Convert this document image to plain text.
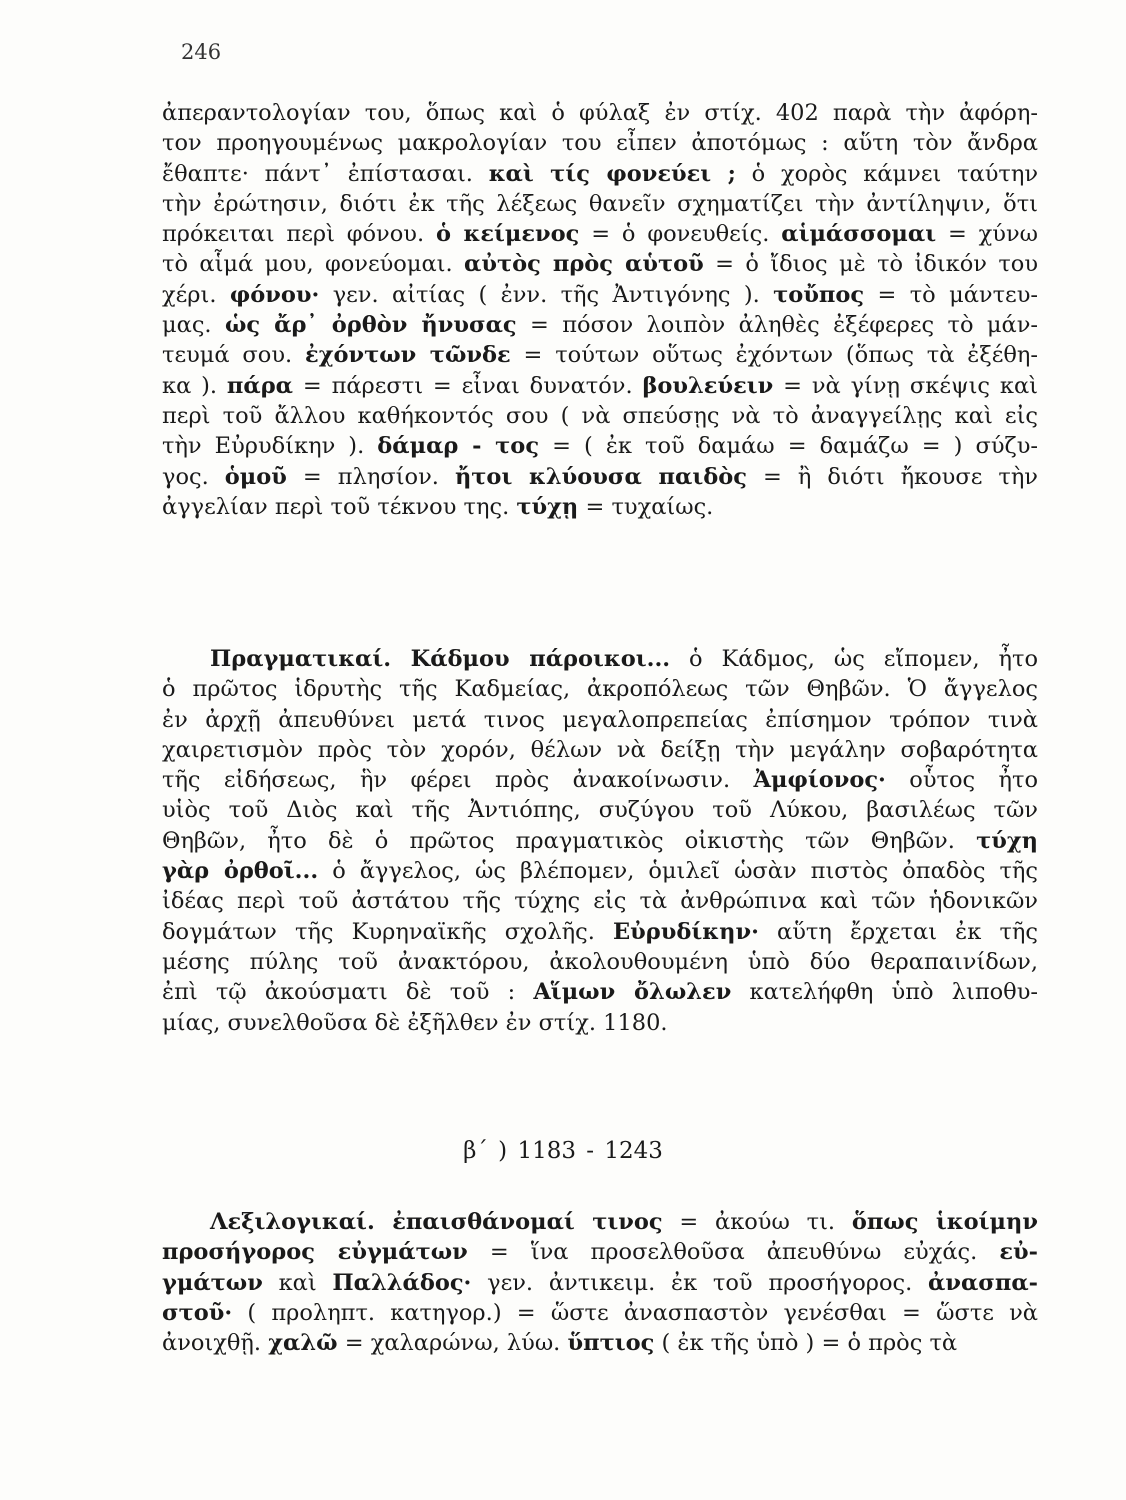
246
ἀπεραντολογίαν του, ὅπως καὶ ὁ φύλαξ ἐν στίχ. 402 παρὰ τὴν ἀφόρη-
τον προηγουμένως μακρολογίαν του εἶπεν ἀποτόμως : αὕτη τὸν ἄνδρα
ἔθαπτε· πάντ᾽ ἐπίστασαι. καὶ τίς φονεύει ; ὁ χορὸς κάμνει ταύτην
τὴν ἐρώτησιν, διότι ἐκ τῆς λέξεως θανεῖν σχηματίζει τὴν ἀντίληψιν, ὅτι
πρόκειται περὶ φόνου. ὁ κείμενος = ὁ φονευθείς. αἱμάσσομαι = χύνω
τὸ αἷμά μου, φονεύομαι. αὐτὸς πρὸς αὑτοῦ = ὁ ἴδιος μὲ τὸ ἰδικόν του
χέρι. φόνου· γεν. αἰτίας ( ἐνν. τῆς Ἀντιγόνης ). τοὔπος = τὸ μάντευ-
μας. ὡς ἄρ᾽ ὀρθὸν ἤνυσας = πόσον λοιπὸν ἀληθὲς ἐξέφερες τὸ μάν-
τευμά σου. ἐχόντων τῶνδε = τούτων οὕτως ἐχόντων (ὅπως τὰ ἐξέθη-
κα ). πάρα = πάρεστι = εἶναι δυνατόν. βουλεύειν = νὰ γίνῃ σκέψις καὶ
περὶ τοῦ ἄλλου καθήκοντός σου ( νὰ σπεύσῃς νὰ τὸ ἀναγγείλῃς καὶ εἰς
τὴν Εὐρυδίκην ). δάμαρ - τος = ( ἐκ τοῦ δαμάω = δαμάζω = ) σύζυ-
γος. ὁμοῦ = πλησίον. ἤτοι κλύουσα παιδὸς = ἢ διότι ἤκουσε τὴν
ἀγγελίαν περὶ τοῦ τέκνου της. τύχῃ = τυχαίως.
Πραγματικαί. Κάδμου πάροικοι... ὁ Κάδμος, ὡς εἴπομεν, ἦτο
ὁ πρῶτος ἱδρυτὴς τῆς Καδμείας, ἀκροπόλεως τῶν Θηβῶν. Ὁ ἄγγελος
ἐν ἀρχῇ ἀπευθύνει μετά τινος μεγαλοπρεπείας ἐπίσημον τρόπον τινὰ
χαιρετισμὸν πρὸς τὸν χορόν, θέλων νὰ δείξῃ τὴν μεγάλην σοβαρότητα
τῆς εἰδήσεως, ἣν φέρει πρὸς ἀνακοίνωσιν. Ἀμφίονος· οὗτος ἦτο
υἱὸς τοῦ Διὸς καὶ τῆς Ἀντιόπης, συζύγου τοῦ Λύκου, βασιλέως τῶν
Θηβῶν, ἦτο δὲ ὁ πρῶτος πραγματικὸς οἰκιστὴς τῶν Θηβῶν. τύχη
γὰρ ὀρθοῖ... ὁ ἄγγελος, ὡς βλέπομεν, ὁμιλεῖ ὡσὰν πιστὸς ὀπαδὸς τῆς
ἰδέας περὶ τοῦ ἀστάτου τῆς τύχης εἰς τὰ ἀνθρώπινα καὶ τῶν ἡδονικῶν
δογμάτων τῆς Κυρηναϊκῆς σχολῆς. Εὐρυδίκην· αὕτη ἔρχεται ἐκ τῆς
μέσης πύλης τοῦ ἀνακτόρου, ἀκολουθουμένη ὑπὸ δύο θεραπαινίδων,
ἐπὶ τῷ ἀκούσματι δὲ τοῦ : Αἵμων ὄλωλεν κατελήφθη ὑπὸ λιποθυ-
μίας, συνελθοῦσα δὲ ἐξῆλθεν ἐν στίχ. 1180.
β΄ ) 1183 - 1243
Λεξιλογικαί. ἐπαισθάνομαί τινος = ἀκούω τι. ὅπως ἱκοίμην
προσήγορος εὐγμάτων = ἵνα προσελθοῦσα ἀπευθύνω εὐχάς. εὐ-
γμάτων καὶ Παλλάδος· γεν. ἀντικειμ. ἐκ τοῦ προσήγορος. ἀνασπα-
στοῦ· ( προληπτ. κατηγορ.) = ὥστε ἀνασπαστὸν γενέσθαι = ὥστε νὰ
ἀνοιχθῇ. χαλῶ = χαλαρώνω, λύω. ὕπτιος ( ἐκ τῆς ὑπὸ ) = ὁ πρὸς τὰ
